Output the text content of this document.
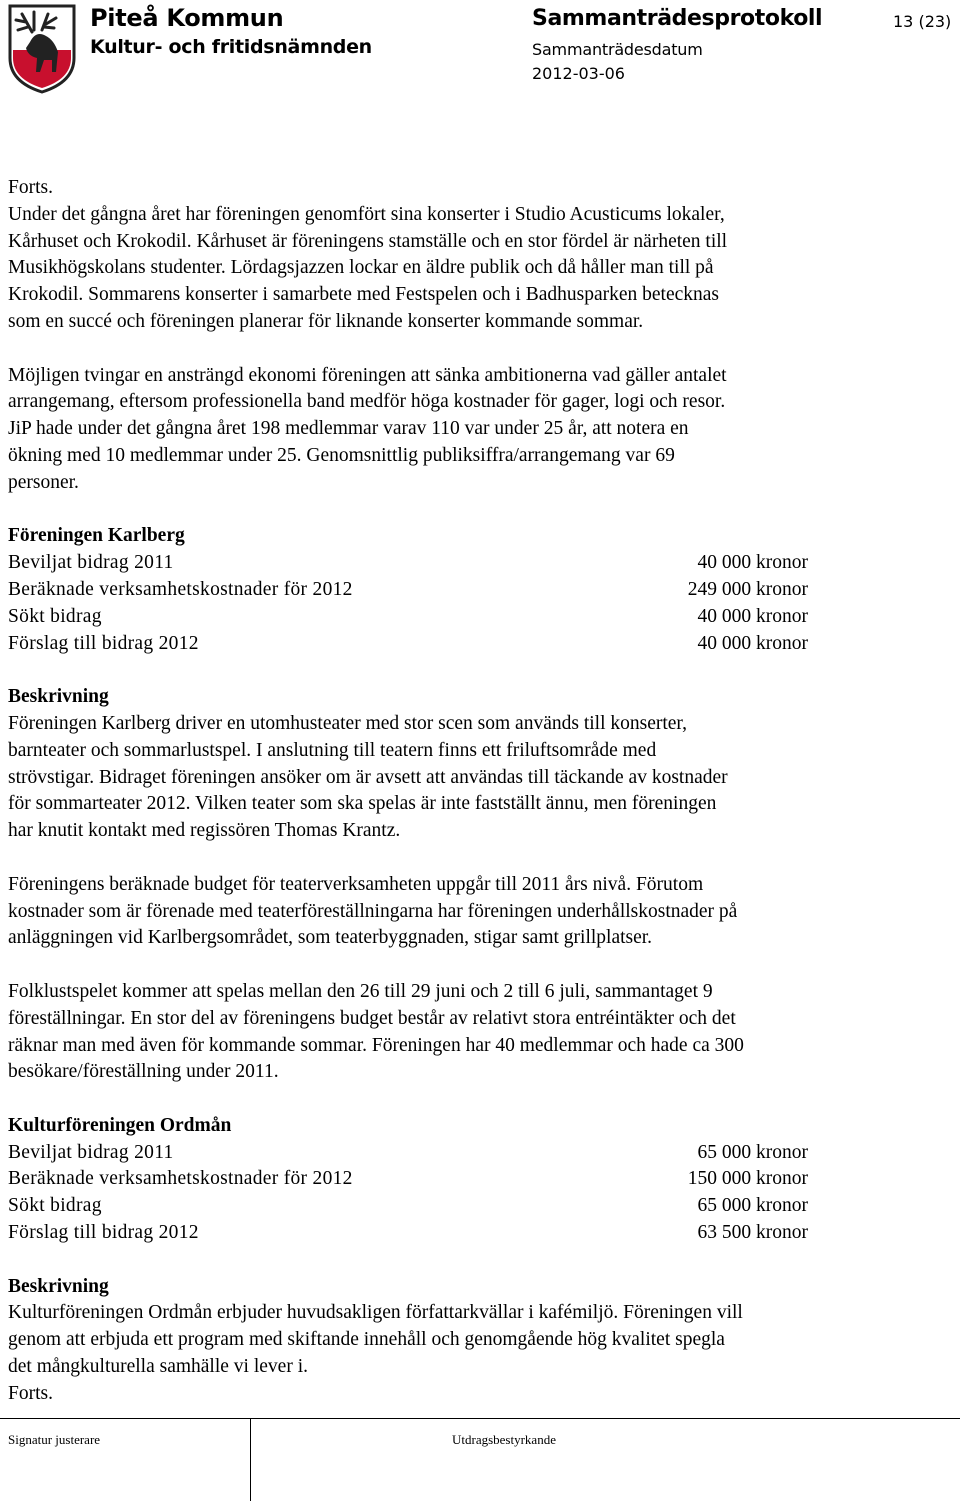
Piteå Kommun
Kultur- och fritidsnämnden
Sammanträdesprotokoll
Sammanträdesdatum
2012-03-06
13 (23)

Forts.
Under det gångna året har föreningen genomfört sina konserter i Studio Acusticums lokaler,
Kårhuset och Krokodil. Kårhuset är föreningens stamställe och en stor fördel är närheten till
Musikhögskolans studenter. Lördagsjazzen lockar en äldre publik och då håller man till på
Krokodil. Sommarens konserter i samarbete med Festspelen och i Badhusparken betecknas
som en succé och föreningen planerar för liknande konserter kommande sommar.

Möjligen tvingar en ansträngd ekonomi föreningen att sänka ambitionerna vad gäller antalet
arrangemang, eftersom professionella band medför höga kostnader för gager, logi och resor.
JiP hade under det gångna året 198 medlemmar varav 110 var under 25 år, att notera en
ökning med 10 medlemmar under 25. Genomsnittlig publiksiffra/arrangemang var 69
personer.

Föreningen Karlberg

Beviljat bidrag 2011	40 000 kronor
Beräknade verksamhetskostnader för 2012	249 000 kronor
Sökt bidrag	40 000 kronor
Förslag till bidrag 2012	40 000 kronor

Beskrivning

Föreningen Karlberg driver en utomhusteater med stor scen som används till konserter,
barnteater och sommarlustspel. I anslutning till teatern finns ett friluftsområde med
strövstigar. Bidraget föreningen ansöker om är avsett att användas till täckande av kostnader
för sommarteater 2012. Vilken teater som ska spelas är inte fastställt ännu, men föreningen
har knutit kontakt med regissören Thomas Krantz.

Föreningens beräknade budget för teaterverksamheten uppgår till 2011 års nivå. Förutom
kostnader som är förenade med teaterföreställningarna har föreningen underhållskostnader på
anläggningen vid Karlbergsområdet, som teaterbyggnaden, stigar samt grillplatser.

Folklustspelet kommer att spelas mellan den 26 till 29 juni och 2 till 6 juli, sammantaget 9
föreställningar. En stor del av föreningens budget består av relativt stora entréintäkter och det
räknar man med även för kommande sommar. Föreningen har 40 medlemmar och hade ca 300
besökare/föreställning under 2011.

Kulturföreningen Ordmån

Beviljat bidrag 2011	65 000 kronor
Beräknade verksamhetskostnader för 2012	150 000 kronor
Sökt bidrag	65 000 kronor
Förslag till bidrag 2012	63 500 kronor

Beskrivning

Kulturföreningen Ordmån erbjuder huvudsakligen författarkvällar i kafémiljö. Föreningen vill
genom att erbjuda ett program med skiftande innehåll och genomgående hög kvalitet spegla
det mångkulturella samhälle vi lever i.
Forts.

Signatur justerare	Utdragsbestyrkande
